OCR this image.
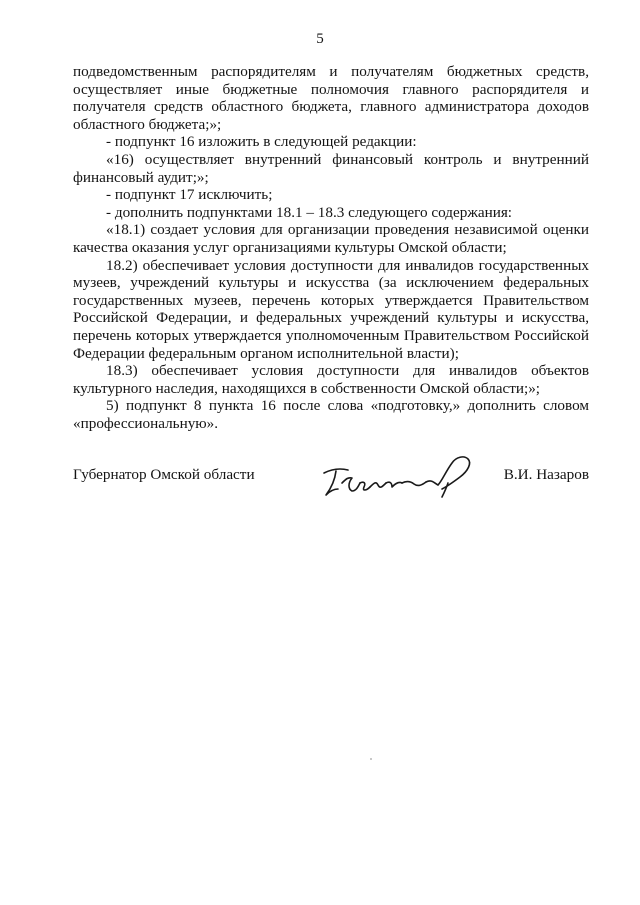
5

подведомственным распорядителям и получателям бюджетных средств, осуществляет иные бюджетные полномочия главного распорядителя и получателя средств областного бюджета, главного администратора доходов областного бюджета;»;

- подпункт 16 изложить в следующей редакции:

«16) осуществляет внутренний финансовый контроль и внутренний финансовый аудит;»;

- подпункт 17 исключить;

- дополнить подпунктами 18.1 – 18.3 следующего содержания:

«18.1) создает условия для организации проведения независимой оценки качества оказания услуг организациями культуры Омской области;

18.2) обеспечивает условия доступности для инвалидов государственных музеев, учреждений культуры и искусства (за исключением федеральных государственных музеев, перечень которых утверждается Правительством Российской Федерации, и федеральных учреждений культуры и искусства, перечень которых утверждается уполномоченным Правительством Российской Федерации федеральным органом исполнительной власти);

18.3) обеспечивает условия доступности для инвалидов объектов культурного наследия, находящихся в собственности Омской области;»;

5) подпункт 8 пункта 16 после слова «подготовку,» дополнить словом «профессиональную».

Губернатор Омской области	В.И. Назаров
